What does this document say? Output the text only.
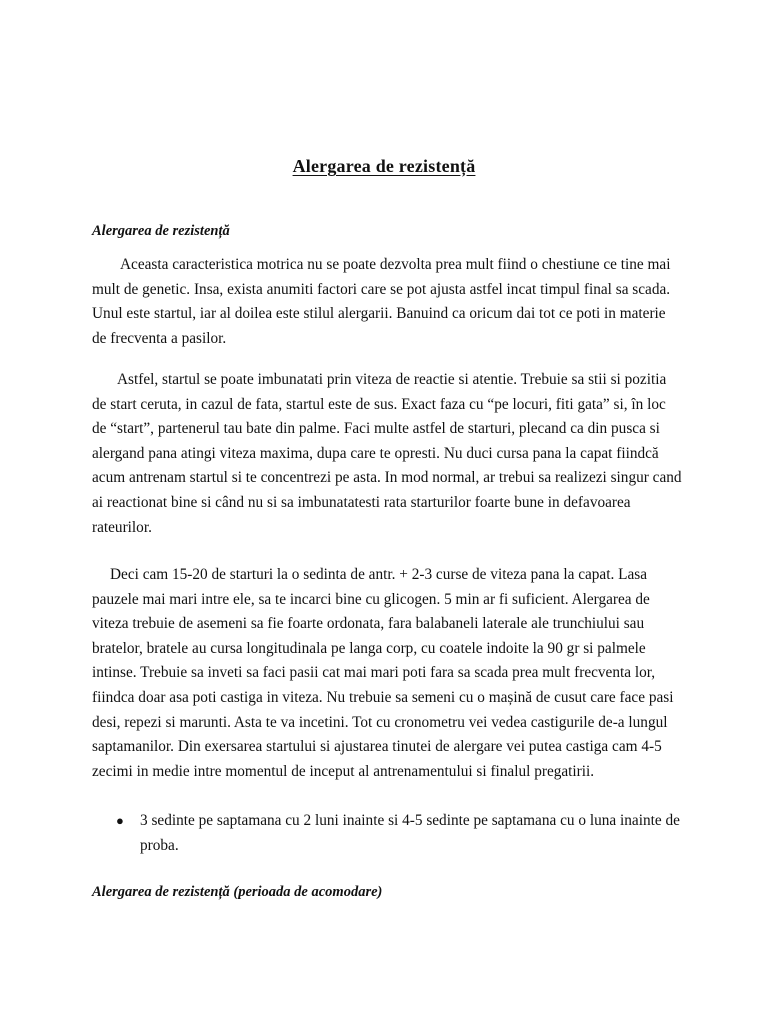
Alergarea de rezistență
Alergarea de rezistență

Aceasta caracteristica motrica nu se poate dezvolta prea mult fiind o chestiune ce tine mai mult de genetic. Insa, exista anumiti factori care se pot ajusta astfel incat timpul final sa scada. Unul este startul, iar al doilea este stilul alergarii. Banuind ca oricum dai tot ce poti in materie de frecventa a pasilor.

Astfel, startul se poate imbunatati prin viteza de reactie si atentie. Trebuie sa stii si pozitia de start ceruta, in cazul de fata, startul este de sus. Exact faza cu “pe locuri, fiti gata” si, în loc de “start”, partenerul tau bate din palme. Faci multe astfel de starturi, plecand ca din pusca si alergand pana atingi viteza maxima, dupa care te opresti. Nu duci cursa pana la capat fiindcă acum antrenam startul si te concentrezi pe asta. In mod normal, ar trebui sa realizezi singur cand ai reactionat bine si când nu si sa imbunatatesti rata starturilor foarte bune in defavoarea rateurilor.

Deci cam 15-20 de starturi la o sedinta de antr. + 2-3 curse de viteza pana la capat. Lasa pauzele mai mari intre ele, sa te incarci bine cu glicogen. 5 min ar fi suficient. Alergarea de viteza trebuie de asemeni sa fie foarte ordonata, fara balabaneli laterale ale trunchiului sau bratelor, bratele au cursa longitudinala pe langa corp, cu coatele indoite la 90 gr si palmele intinse. Trebuie sa inveti sa faci pasii cat mai mari poti fara sa scada prea mult frecventa lor, fiindca doar asa poti castiga in viteza. Nu trebuie sa semeni cu o mașină de cusut care face pasi desi, repezi si marunti. Asta te va incetini. Tot cu cronometru vei vedea castigurile de-a lungul saptamanilor. Din exersarea startului si ajustarea tinutei de alergare vei putea castiga cam 4-5 zecimi in medie intre momentul de inceput al antrenamentului si finalul pregatirii.

● 3 sedinte pe saptamana cu 2 luni inainte si 4-5 sedinte pe saptamana cu o luna inainte de proba.
Alergarea de rezistență (perioada de acomodare)
